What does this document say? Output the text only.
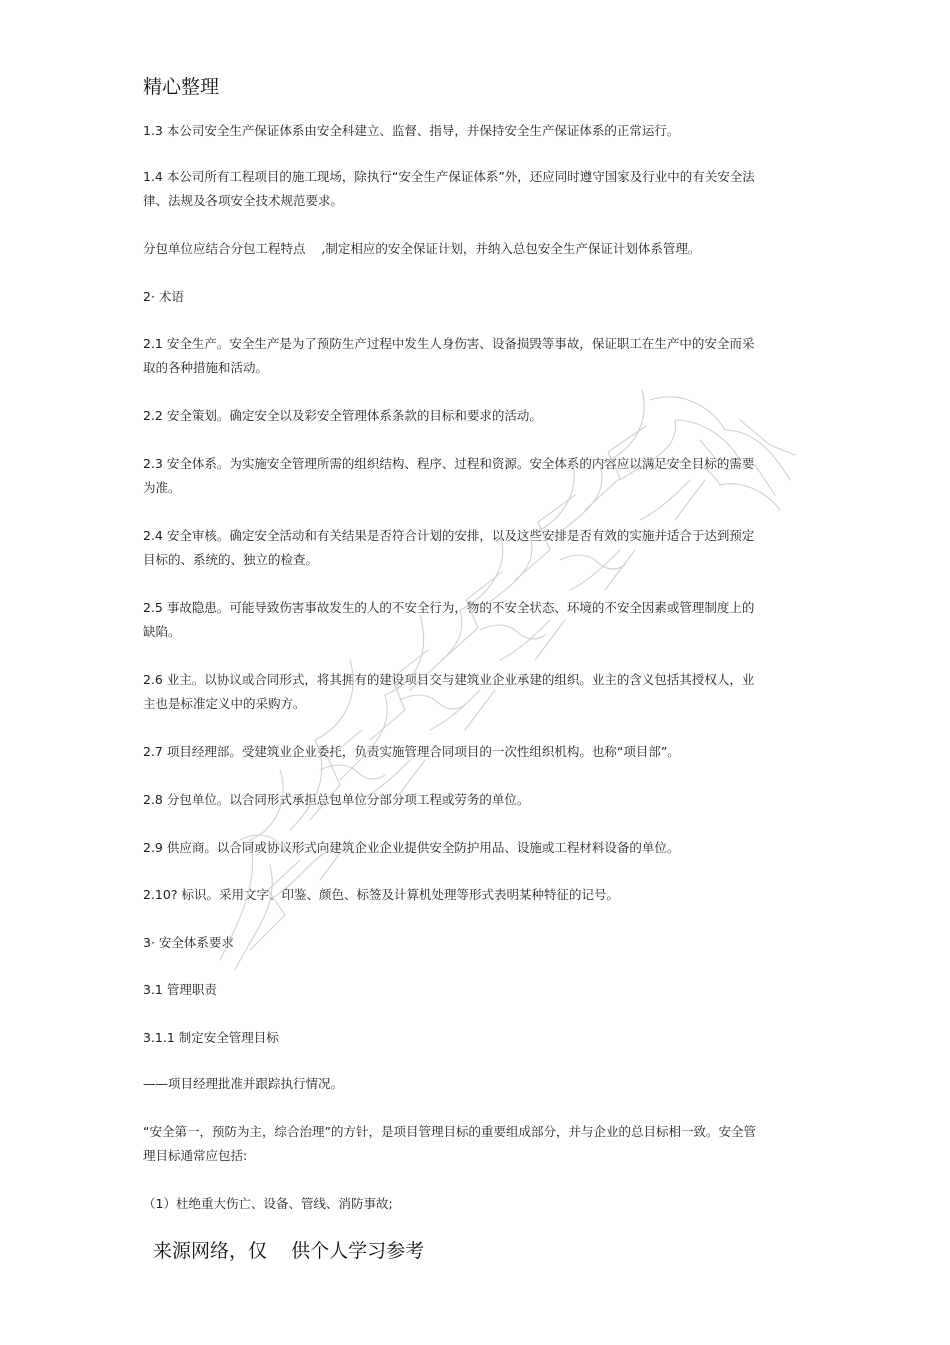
精心整理
1.3 本公司安全生产保证体系由安全科建立、监督、指导，并保持安全生产保证体系的正常运行。
1.4 本公司所有工程项目的施工现场，除执行“安全生产保证体系”外，还应同时遵守国家及行业中的有关安全法律、法规及各项安全技术规范要求。
分包单位应结合分包工程特点    ,制定相应的安全保证计划，并纳入总包安全生产保证计划体系管理。
2· 术语
2.1 安全生产。安全生产是为了预防生产过程中发生人身伤害、设备损毁等事故，保证职工在生产中的安全而采取的各种措施和活动。
2.2 安全策划。确定安全以及彩安全管理体系条款的目标和要求的活动。
2.3 安全体系。为实施安全管理所需的组织结构、程序、过程和资源。安全体系的内容应以满足安全目标的需要为准。
2.4 安全审核。确定安全活动和有关结果是否符合计划的安排，以及这些安排是否有效的实施并适合于达到预定目标的、系统的、独立的检查。
2.5 事故隐患。可能导致伤害事故发生的人的不安全行为，物的不安全状态、环境的不安全因素或管理制度上的缺陷。
2.6 业主。以协议或合同形式，将其拥有的建设项目交与建筑业企业承建的组织。业主的含义包括其授权人，业主也是标准定义中的采购方。
2.7 项目经理部。受建筑业企业委托，负责实施管理合同项目的一次性组织机构。也称“项目部”。
2.8 分包单位。以合同形式承担总包单位分部分项工程或劳务的单位。
2.9 供应商。以合同或协议形式向建筑企业企业提供安全防护用品、设施或工程材料设备的单位。
2.10? 标识。采用文字、印鉴、颜色、标签及计算机处理等形式表明某种特征的记号。
3· 安全体系要求
3.1 管理职责
3.1.1 制定安全管理目标
——项目经理批准并跟踪执行情况。
“安全第一，预防为主，综合治理”的方针，是项目管理目标的重要组成部分，并与企业的总目标相一致。安全管理目标通常应包括:
（1）杜绝重大伤亡、设备、管线、消防事故;
来源网络，仅    供个人学习参考
